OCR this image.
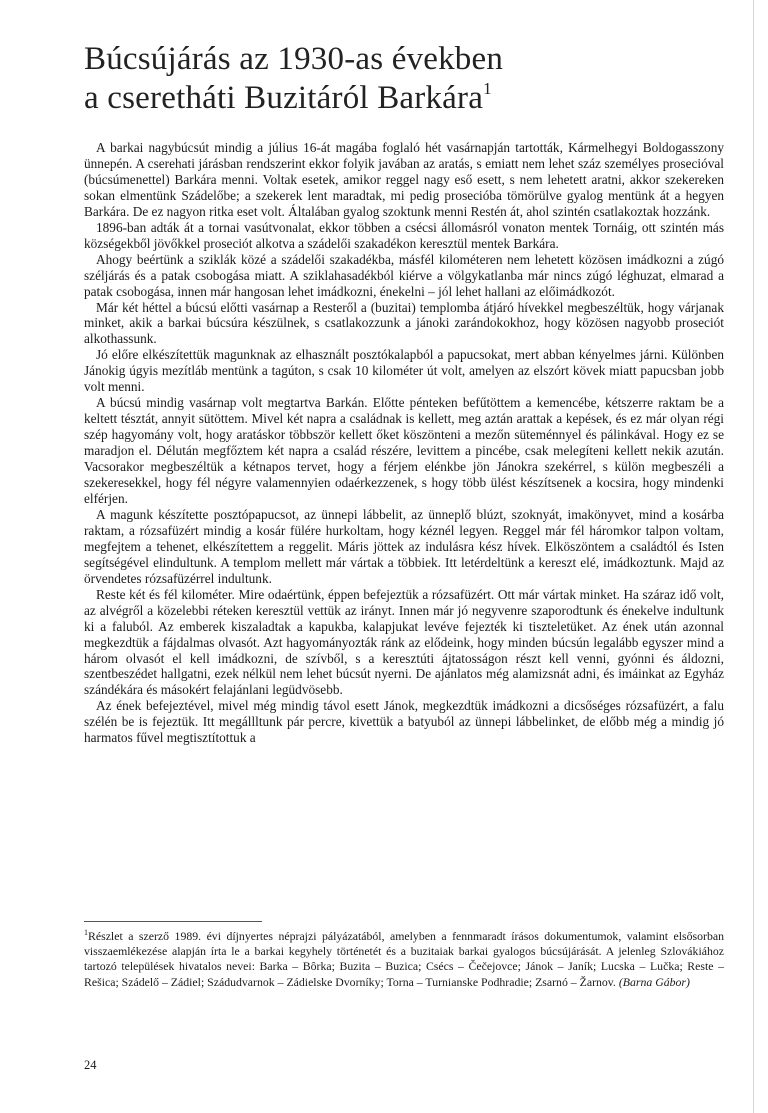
Búcsújárás az 1930-as években
a cseretháti Buzitáról Barkára$^1$

A barkai nagybúcsút mindig a július 16-át magába foglaló hét vasárnapján tartották, Kármelhegyi Boldogasszony ünnepén. A cserehati járásban rendszerint ekkor folyik javában az aratás, s emiatt nem lehet száz személyes prosecióval (búcsúmenettel) Barkára menni. Voltak esetek, amikor reggel nagy eső esett, s nem lehetett aratni, akkor szekereken sokan elmentünk Szádelőbe; a szekerek lent maradtak, mi pedig prosecióba tömörülve gyalog mentünk át a hegyen Barkára. De ez nagyon ritka eset volt. Általában gyalog szoktunk menni Restén át, ahol szintén csatlakoztak hozzánk.

1896-ban adták át a tornai vasútvonalat, ekkor többen a csécsi állomásról vonaton mentek Tornáig, ott szintén más községekből jövőkkel proseciót alkotva a szádelői szakadékon keresztül mentek Barkára.

Ahogy beértünk a sziklák közé a szádelői szakadékba, másfél kilométeren nem lehetett közösen imádkozni a zúgó széljárás és a patak csobogása miatt. A sziklahasadékból kiérve a völgykatlanba már nincs zúgó léghuzat, elmarad a patak csobogása, innen már hangosan lehet imádkozni, énekelni – jól lehet hallani az előimádkozót.

Már két héttel a búcsú előtti vasárnap a Resteről a (buzitai) templomba átjáró hívekkel megbeszéltük, hogy várjanak minket, akik a barkai búcsúra készülnek, s csatlakozzunk a jánoki zarándokokhoz, hogy közösen nagyobb proseciót alkothassunk.

Jó előre elkészítettük magunknak az elhasznált posztókalapból a papucsokat, mert abban kényelmes járni. Különben Jánokig úgyis mezítláb mentünk a tagúton, s csak 10 kilométer út volt, amelyen az elszórt kövek miatt papucsban jobb volt menni.

A búcsú mindig vasárnap volt megtartva Barkán. Előtte pénteken befűtöttem a kemencébe, kétszerre raktam be a keltett tésztát, annyit sütöttem. Mivel két napra a családnak is kellett, meg aztán arattak a kepések, és ez már olyan régi szép hagyomány volt, hogy aratáskor többször kellett őket köszönteni a mezőn süteménnyel és pálinkával. Hogy ez se maradjon el. Délután megfőztem két napra a család részére, levittem a pincébe, csak melegíteni kellett nekik azután. Vacsorakor megbeszéltük a kétnapos tervet, hogy a férjem elénkbe jön Jánokra szekérrel, s külön megbeszéli a szekeresekkel, hogy fél négyre valamennyien odaérkezzenek, s hogy több ülést készítsenek a kocsira, hogy mindenki elférjen.

A magunk készítette posztópapucsot, az ünnepi lábbelit, az ünneplő blúzt, szoknyát, imakönyvet, mind a kosárba raktam, a rózsafüzért mindig a kosár fülére hurkoltam, hogy kéznél legyen. Reggel már fél háromkor talpon voltam, megfejtem a tehenet, elkészítettem a reggelit. Máris jöttek az indulásra kész hívek. Elköszöntem a családtól és Isten segítségével elindultunk. A templom mellett már vártak a többiek. Itt letérdeltünk a kereszt elé, imádkoztunk. Majd az örvendetes rózsafüzérrel indultunk.

Reste két és fél kilométer. Mire odaértünk, éppen befejeztük a rózsafüzért. Ott már vártak minket. Ha száraz idő volt, az alvégről a közelebbi réteken keresztül vettük az irányt. Innen már jó negyvenre szaporodtunk és énekelve indultunk ki a faluból. Az emberek kiszaladtak a kapukba, kalapjukat levéve fejezték ki tiszteletüket. Az ének után azonnal megkezdtük a fájdalmas olvasót. Azt hagyományozták ránk az elődeink, hogy minden búcsún legalább egyszer mind a három olvasót el kell imádkozni, de szívből, s a keresztúti ájtatosságon részt kell venni, gyónni és áldozni, szentbeszédet hallgatni, ezek nélkül nem lehet búcsút nyerni. De ajánlatos még alamizsnát adni, és imáinkat az Egyház szándékára és másokért felajánlani legüdvösebb.

Az ének befejeztével, mivel még mindig távol esett Jánok, megkezdtük imádkozni a dicsőséges rózsafüzért, a falu szélén be is fejeztük. Itt megállltunk pár percre, kivettük a batyuból az ünnepi lábbelinket, de előbb még a mindig jó harmatos fűvel megtisztítottuk a

$^1$Részlet a szerző 1989. évi díjnyertes néprajzi pályázatából, amelyben a fennmaradt írásos dokumentumok, valamint elsősorban visszaemlékezése alapján írta le a barkai kegyhely történetét és a buzitaiak barkai gyalogos búcsújárását. A jelenleg Szlovákiához tartozó települések hivatalos nevei: Barka – Bôrka; Buzita – Buzica; Csécs – Čečejovce; Jánok – Janík; Lucska – Lučka; Reste – Rešica; Szádelő – Zádiel; Szádudvarnok – Zádielske Dvorníky; Torna – Turnianske Podhradie; Zsarnó – Žarnov. (Barna Gábor)

24
